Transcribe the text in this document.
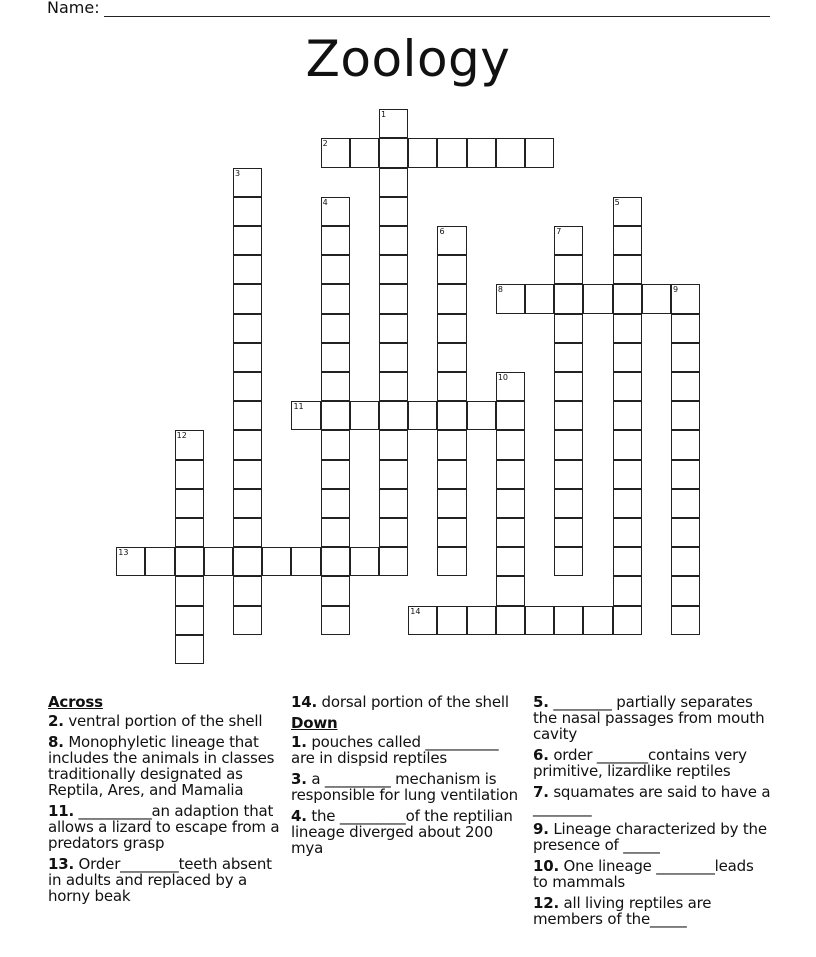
Name:
Zoology
1
2
3
4	5
6	7
8	9
10
11
12
13
14
Across
2. ventral portion of the shell
8. Monophyletic lineage that includes the animals in classes traditionally designated as Reptila, Ares, and Mamalia
11. __________an adaption that allows a lizard to escape from a predators grasp
13. Order________teeth absent in adults and replaced by a horny beak
14. dorsal portion of the shell
Down
1. pouches called __________ are in dispsid reptiles
3. a _________ mechanism is responsible for lung ventilation
4. the _________of the reptilian lineage diverged about 200 mya
5. ________ partially separates the nasal passages from mouth cavity
6. order _______contains very primitive, lizardlike reptiles
7. squamates are said to have a ________
9. Lineage characterized by the presence of _____
10. One lineage ________leads to mammals
12. all living reptiles are members of the_____
